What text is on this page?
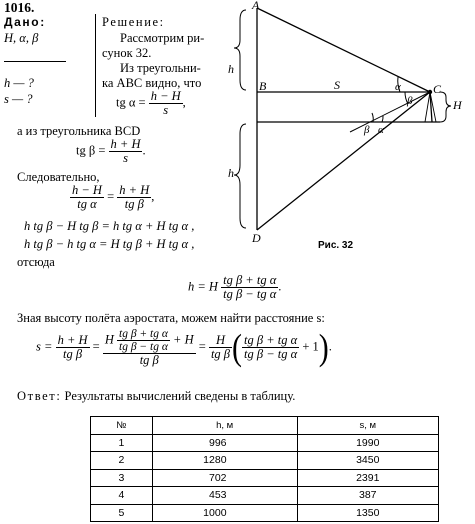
1016.
Дано:
H, α, β
h — ?
s — ?
Решение:
Рассмотрим ри-
сунок 32.
Из треугольни-
ка ABC видно, что
tg $\alpha = \frac{h - H}{s}$ ,
а из треугольника BCD
tg $\beta = \frac{h + H}{s}$ .
Следовательно,
$\frac{h - H}{\text{tg α}} = \frac{h + H}{\text{tg β}}$ ,
h tg β − H tg β = h tg α + H tg α ,
h tg β − h tg α = H tg β + H tg α ,
отсюда
h = H $\frac{\text{tg β + tg α}}{\text{tg β − tg α}}$ .
Зная высоту полёта аэростата, можем найти расстояние s:
$s = \frac{h + H}{\text{tg β}} = \frac{H \frac{\text{tg β + tg α}}{\text{tg β − tg α}} + H}{\text{tg β}} = \frac{H}{\text{tg β}}$ ( $\frac{\text{tg β + tg α}}{\text{tg β − tg α}} + 1$).
Ответ: Результаты вычислений сведены в таблицу.
№	h, м	s, м
1	996	1990
2	1280	3450
3	702	2391
4	453	387
5	1000	1350
A
B	C
D
S
h
h
H
α
β
β α
Рис. 32
